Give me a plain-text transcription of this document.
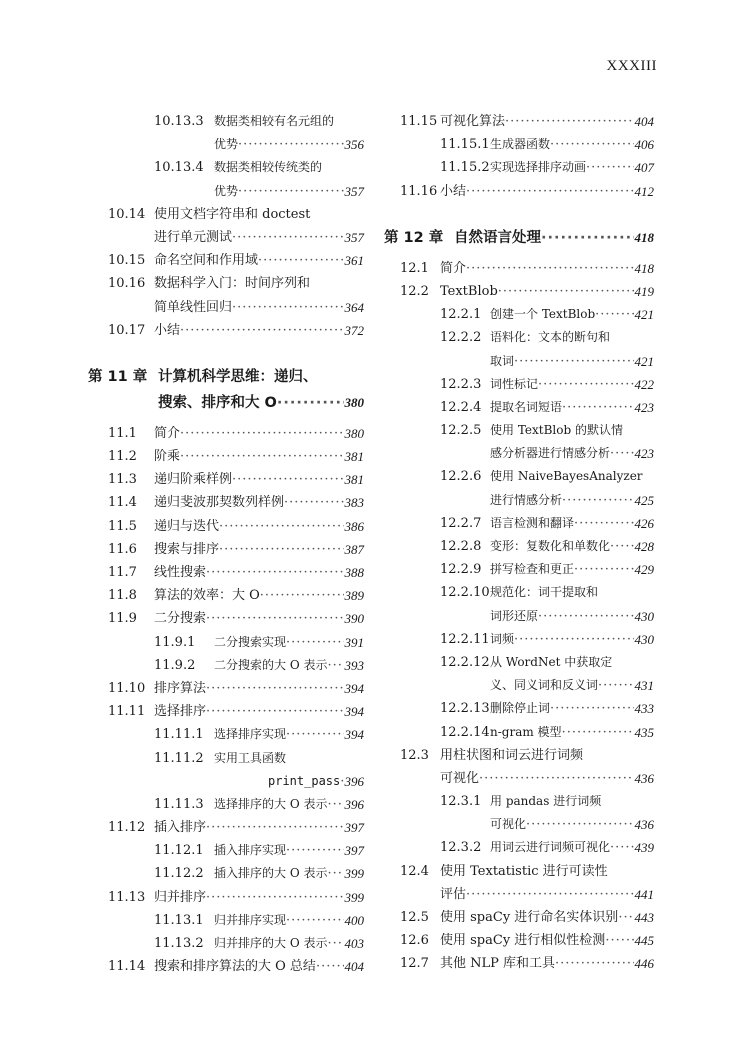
XXXIII
10.13.3 数据类相较有名元组的
优势 ·····	356
10.13.4 数据类相较传统类的
优势 ·····	357
10.14 使用文档字符串和 doctest
进行单元测试 ·····	357
10.15 命名空间和作用域 ·····	361
10.16 数据科学入门：时间序列和
简单线性回归 ·····	364
10.17 小结 ·····	372
第 11 章 计算机科学思维：递归、
搜索、排序和大 O ·····	380
11.1 简介 ·····	380
11.2 阶乘 ·····	381
11.3 递归阶乘样例 ·····	381
11.4 递归斐波那契数列样例 ·····	383
11.5 递归与迭代 ·····	386
11.6 搜索与排序 ·····	387
11.7 线性搜索 ·····	388
11.8 算法的效率：大 O ·····	389
11.9 二分搜索 ·····	390
11.9.1 二分搜索实现 ·····	391
11.9.2 二分搜索的大 O 表示 ····· 393
11.10 排序算法 ·····	394
11.11 选择排序 ·····	394
11.11.1 选择排序实现 ·····	394
11.11.2 实用工具函数
print_pass ····· 396
11.11.3 选择排序的大 O 表示 ····· 396
11.12 插入排序 ·····	397
11.12.1 插入排序实现 ·····	397
11.12.2 插入排序的大 O 表示 ····· 399
11.13 归并排序 ·····	399
11.13.1 归并排序实现 ·····	400
11.13.2 归并排序的大 O 表示 ····· 403
11.14 搜索和排序算法的大 O 总结 ····· 404
11.15 可视化算法 ·····	404
11.15.1 生成器函数 ·····	406
11.15.2 实现选择排序动画 ·····	407
11.16 小结 ·····	412
第 12 章 自然语言处理 ·····	418
12.1 简介 ·····	418
12.2 TextBlob ·····	419
12.2.1 创建一个 TextBlob ·····	421
12.2.2 语料化：文本的断句和
取词 ·····	421
12.2.3 词性标记 ·····	422
12.2.4 提取名词短语 ·····	423
12.2.5 使用 TextBlob 的默认情
感分析器进行情感分析 ····· 423
12.2.6 使用 NaiveBayesAnalyzer
进行情感分析 ·····	425
12.2.7 语言检测和翻译 ·····	426
12.2.8 变形：复数化和单数化 ····· 428
12.2.9 拼写检查和更正 ·····	429
12.2.10 规范化：词干提取和
词形还原 ·····	430
12.2.11 词频 ·····	430
12.2.12 从 WordNet 中获取定
义、同义词和反义词 ·····	431
12.2.13 删除停止词 ·····	433
12.2.14 n-gram 模型 ·····	435
12.3 用柱状图和词云进行词频
可视化 ·····	436
12.3.1 用 pandas 进行词频
可视化 ·····	436
12.3.2 用词云进行词频可视化 ····· 439
12.4 使用 Textatistic 进行可读性
评估 ·····	441
12.5 使用 spaCy 进行命名实体识别 ····· 443
12.6 使用 spaCy 进行相似性检测 ····· 445
12.7 其他 NLP 库和工具 ·····	446
